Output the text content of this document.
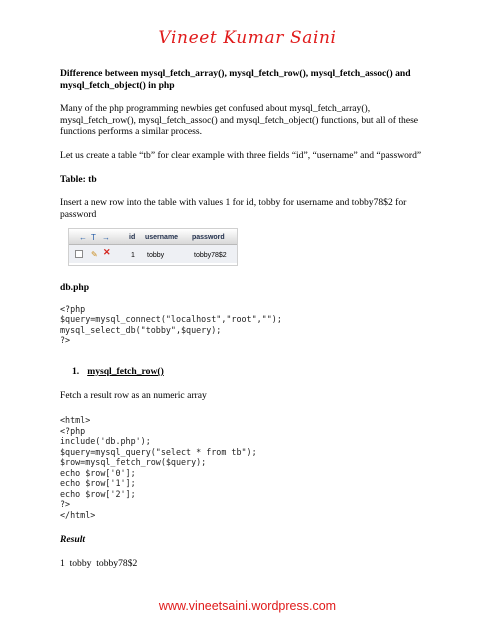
Vineet Kumar Saini
Difference between mysql_fetch_array(), mysql_fetch_row(), mysql_fetch_assoc() and mysql_fetch_object() in php
Many of the php programming newbies get confused about mysql_fetch_array(), mysql_fetch_row(), mysql_fetch_assoc() and mysql_fetch_object() functions, but all of these functions performs a similar process.
Let us create a table “tb” for clear example with three fields “id”, “username” and “password”
Table: tb
Insert a new row into the table with values 1 for id, tobby for username and tobby78$2 for password
← T →	id username password
✎ ✕	1 tobby	tobby78$2
db.php
<?php
$query=mysql_connect("localhost","root","");
mysql_select_db("tobby",$query);
?>
1. mysql_fetch_row()
Fetch a result row as an numeric array
<html>
<?php
include('db.php');
$query=mysql_query("select * from tb");
$row=mysql_fetch_row($query);
echo $row['0'];
echo $row['1'];
echo $row['2'];
?>
</html>
Result
1  tobby  tobby78$2
www.vineetsaini.wordpress.com
